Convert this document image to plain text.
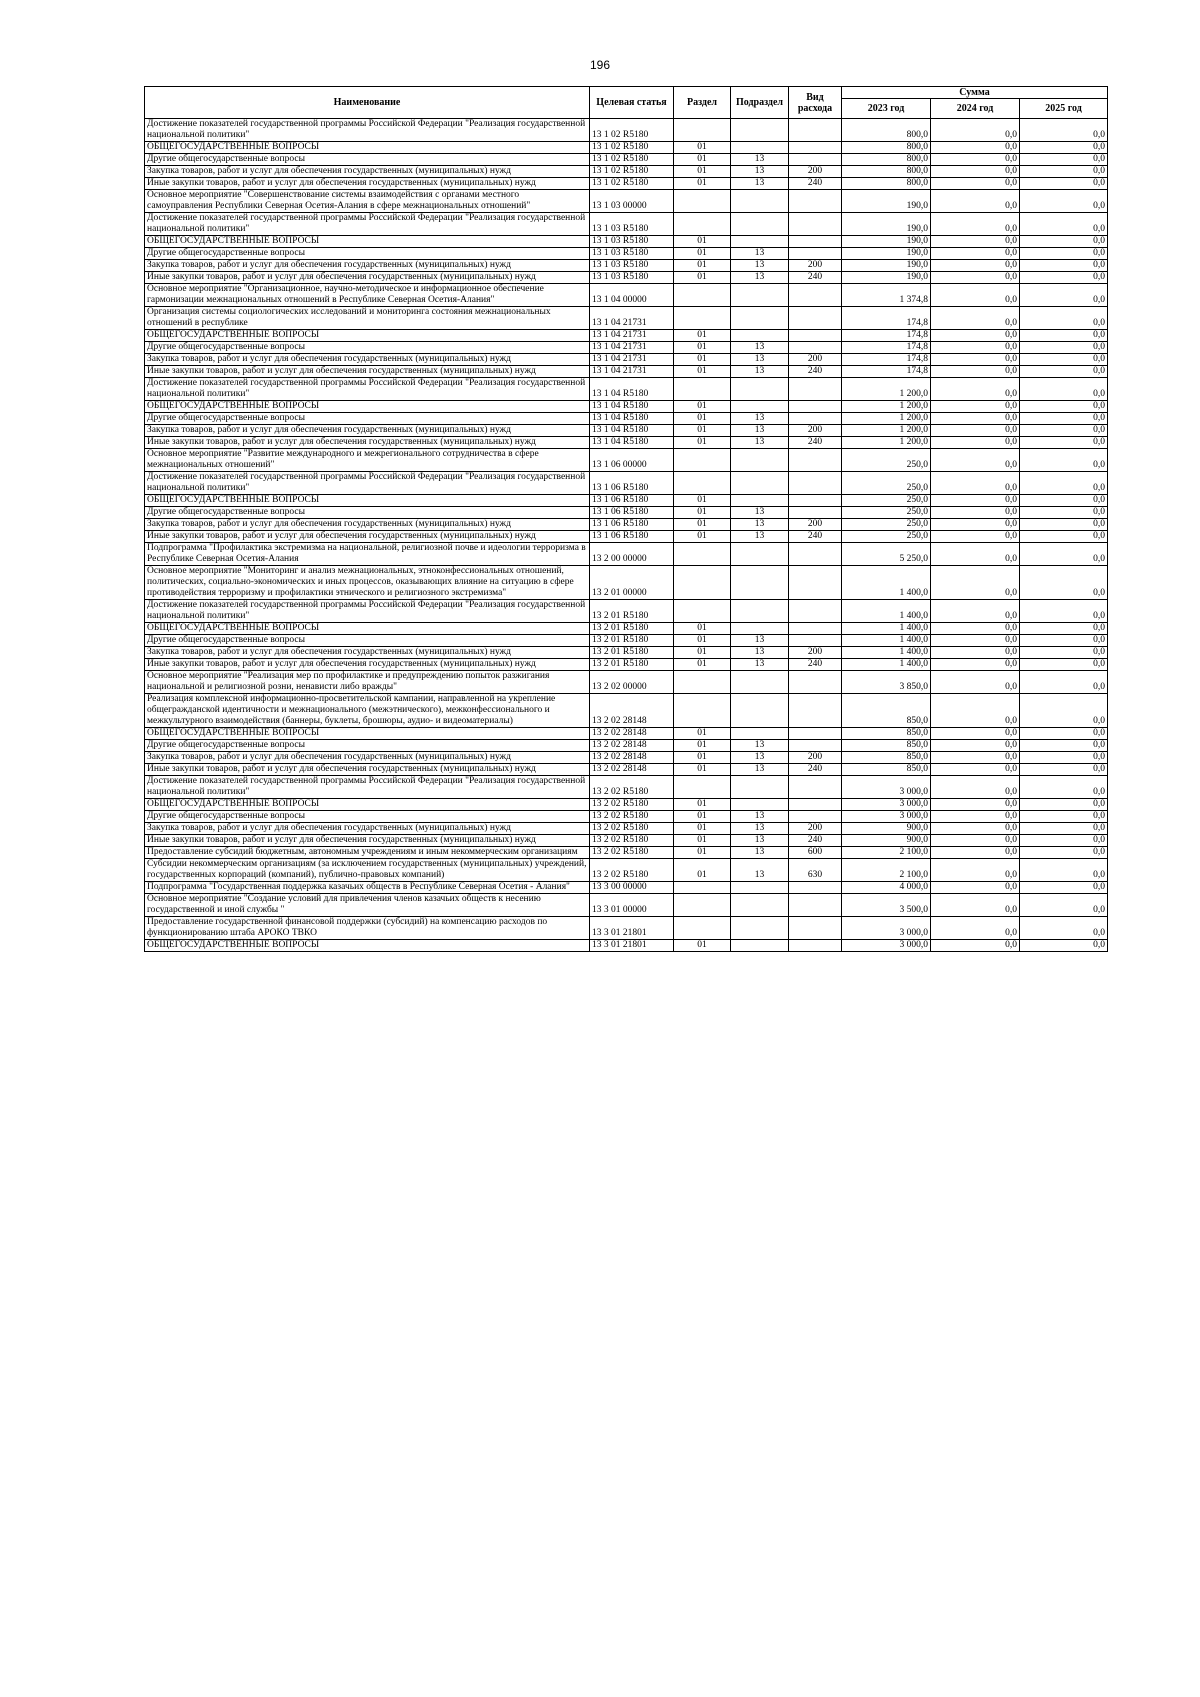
196
Наименование	Целевая статья	Раздел	Подраздел	Вид расхода	Сумма		
					2023 год	2024 год	2025 год
Достижение показателей государственной программы Российской Федерации "Реализация государственной национальной политики"	13 1 02 R5180				800,0	0,0	0,0
ОБЩЕГОСУДАРСТВЕННЫЕ ВОПРОСЫ	13 1 02 R5180	01			800,0	0,0	0,0
Другие общегосударственные вопросы	13 1 02 R5180	01	13		800,0	0,0	0,0
Закупка товаров, работ и услуг для обеспечения государственных (муниципальных) нужд	13 1 02 R5180	01	13	200	800,0	0,0	0,0
Иные закупки товаров, работ и услуг для обеспечения государственных (муниципальных) нужд	13 1 02 R5180	01	13	240	800,0	0,0	0,0
Основное мероприятие "Совершенствование системы взаимодействия с органами местного самоуправления Республики Северная Осетия-Алания в сфере межнациональных отношений"	13 1 03 00000				190,0	0,0	0,0
Достижение показателей государственной программы Российской Федерации "Реализация государственной национальной политики"	13 1 03 R5180				190,0	0,0	0,0
ОБЩЕГОСУДАРСТВЕННЫЕ ВОПРОСЫ	13 1 03 R5180	01			190,0	0,0	0,0
Другие общегосударственные вопросы	13 1 03 R5180	01	13		190,0	0,0	0,0
Закупка товаров, работ и услуг для обеспечения государственных (муниципальных) нужд	13 1 03 R5180	01	13	200	190,0	0,0	0,0
Иные закупки товаров, работ и услуг для обеспечения государственных (муниципальных) нужд	13 1 03 R5180	01	13	240	190,0	0,0	0,0
Основное мероприятие "Организационное, научно-методическое и информационное обеспечение гармонизации межнациональных отношений в Республике Северная Осетия-Алания"	13 1 04 00000				1 374,8	0,0	0,0
Организация системы социологических исследований и мониторинга состояния межнациональных отношений в республике	13 1 04 21731				174,8	0,0	0,0
ОБЩЕГОСУДАРСТВЕННЫЕ ВОПРОСЫ	13 1 04 21731	01			174,8	0,0	0,0
Другие общегосударственные вопросы	13 1 04 21731	01	13		174,8	0,0	0,0
Закупка товаров, работ и услуг для обеспечения государственных (муниципальных) нужд	13 1 04 21731	01	13	200	174,8	0,0	0,0
Иные закупки товаров, работ и услуг для обеспечения государственных (муниципальных) нужд	13 1 04 21731	01	13	240	174,8	0,0	0,0
Достижение показателей государственной программы Российской Федерации "Реализация государственной национальной политики"	13 1 04 R5180				1 200,0	0,0	0,0
ОБЩЕГОСУДАРСТВЕННЫЕ ВОПРОСЫ	13 1 04 R5180	01			1 200,0	0,0	0,0
Другие общегосударственные вопросы	13 1 04 R5180	01	13		1 200,0	0,0	0,0
Закупка товаров, работ и услуг для обеспечения государственных (муниципальных) нужд	13 1 04 R5180	01	13	200	1 200,0	0,0	0,0
Иные закупки товаров, работ и услуг для обеспечения государственных (муниципальных) нужд	13 1 04 R5180	01	13	240	1 200,0	0,0	0,0
Основное мероприятие "Развитие международного и межрегионального сотрудничества в сфере межнациональных отношений"	13 1 06 00000				250,0	0,0	0,0
Достижение показателей государственной программы Российской Федерации "Реализация государственной национальной политики"	13 1 06 R5180				250,0	0,0	0,0
ОБЩЕГОСУДАРСТВЕННЫЕ ВОПРОСЫ	13 1 06 R5180	01			250,0	0,0	0,0
Другие общегосударственные вопросы	13 1 06 R5180	01	13		250,0	0,0	0,0
Закупка товаров, работ и услуг для обеспечения государственных (муниципальных) нужд	13 1 06 R5180	01	13	200	250,0	0,0	0,0
Иные закупки товаров, работ и услуг для обеспечения государственных (муниципальных) нужд	13 1 06 R5180	01	13	240	250,0	0,0	0,0
Подпрограмма "Профилактика экстремизма на национальной, религиозной почве и идеологии терроризма в Республике Северная Осетия-Алания	13 2 00 00000				5 250,0	0,0	0,0
Основное мероприятие "Мониторинг и анализ межнациональных, этноконфессиональных отношений, политических, социально-экономических и иных процессов, оказывающих влияние на ситуацию в сфере противодействия терроризму и профилактики этнического и религиозного экстремизма"	13 2 01 00000				1 400,0	0,0	0,0
Достижение показателей государственной программы Российской Федерации "Реализация государственной национальной политики"	13 2 01 R5180				1 400,0	0,0	0,0
ОБЩЕГОСУДАРСТВЕННЫЕ ВОПРОСЫ	13 2 01 R5180	01			1 400,0	0,0	0,0
Другие общегосударственные вопросы	13 2 01 R5180	01	13		1 400,0	0,0	0,0
Закупка товаров, работ и услуг для обеспечения государственных (муниципальных) нужд	13 2 01 R5180	01	13	200	1 400,0	0,0	0,0
Иные закупки товаров, работ и услуг для обеспечения государственных (муниципальных) нужд	13 2 01 R5180	01	13	240	1 400,0	0,0	0,0
Основное мероприятие "Реализация мер по профилактике и предупреждению попыток разжигания национальной и религиозной розни, ненависти либо вражды"	13 2 02 00000				3 850,0	0,0	0,0
Реализация комплексной информационно-просветительской кампании, направленной на укрепление общегражданской идентичности и межнационального (межэтнического), межконфессионального и межкультурного взаимодействия (баннеры, буклеты, брошюры, аудио- и видеоматериалы)	13 2 02 28148				850,0	0,0	0,0
ОБЩЕГОСУДАРСТВЕННЫЕ ВОПРОСЫ	13 2 02 28148	01			850,0	0,0	0,0
Другие общегосударственные вопросы	13 2 02 28148	01	13		850,0	0,0	0,0
Закупка товаров, работ и услуг для обеспечения государственных (муниципальных) нужд	13 2 02 28148	01	13	200	850,0	0,0	0,0
Иные закупки товаров, работ и услуг для обеспечения государственных (муниципальных) нужд	13 2 02 28148	01	13	240	850,0	0,0	0,0
Достижение показателей государственной программы Российской Федерации "Реализация государственной национальной политики"	13 2 02 R5180				3 000,0	0,0	0,0
ОБЩЕГОСУДАРСТВЕННЫЕ ВОПРОСЫ	13 2 02 R5180	01			3 000,0	0,0	0,0
Другие общегосударственные вопросы	13 2 02 R5180	01	13		3 000,0	0,0	0,0
Закупка товаров, работ и услуг для обеспечения государственных (муниципальных) нужд	13 2 02 R5180	01	13	200	900,0	0,0	0,0
Иные закупки товаров, работ и услуг для обеспечения государственных (муниципальных) нужд	13 2 02 R5180	01	13	240	900,0	0,0	0,0
Предоставление субсидий бюджетным, автономным учреждениям и иным некоммерческим организациям	13 2 02 R5180	01	13	600	2 100,0	0,0	0,0
Субсидии некоммерческим организациям (за исключением государственных (муниципальных) учреждений, государственных корпораций (компаний), публично-правовых компаний)	13 2 02 R5180	01	13	630	2 100,0	0,0	0,0
Подпрограмма "Государственная поддержка казачьих обществ в Республике Северная Осетия - Алания"	13 3 00 00000				4 000,0	0,0	0,0
Основное мероприятие "Создание условий для привлечения членов казачьих обществ к несению государственной и иной службы "	13 3 01 00000				3 500,0	0,0	0,0
Предоставление государственной финансовой поддержки (субсидий) на компенсацию расходов по функционированию штаба АРОКО ТВКО	13 3 01 21801				3 000,0	0,0	0,0
ОБЩЕГОСУДАРСТВЕННЫЕ ВОПРОСЫ	13 3 01 21801	01			3 000,0	0,0	0,0
